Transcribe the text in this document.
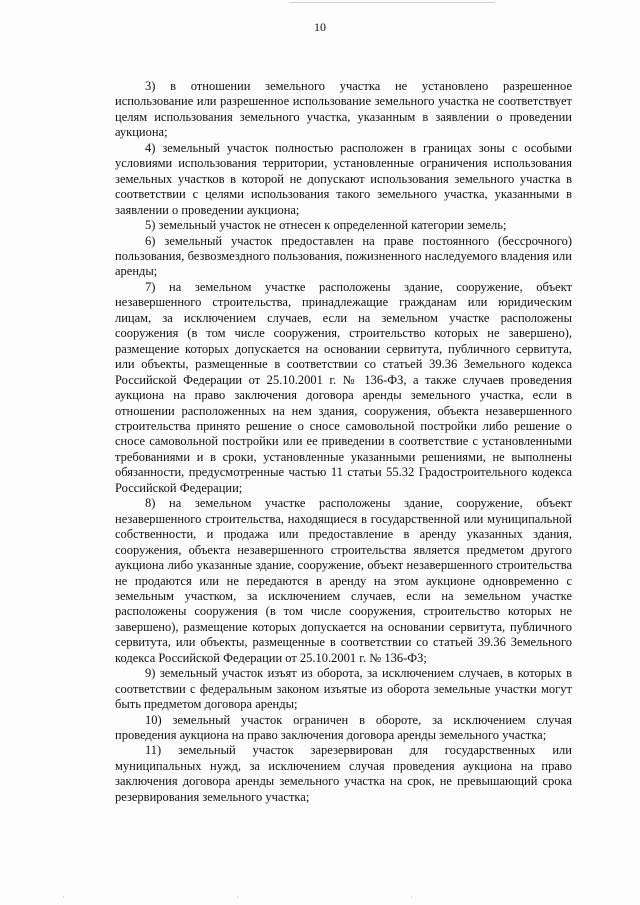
10

3) в отношении земельного участка не установлено разрешенное использование или разрешенное использование земельного участка не соответствует целям использования земельного участка, указанным в заявлении о проведении аукциона;

4) земельный участок полностью расположен в границах зоны с особыми условиями использования территории, установленные ограничения использования земельных участков в которой не допускают использования земельного участка в соответствии с целями использования такого земельного участка, указанными в заявлении о проведении аукциона;

5) земельный участок не отнесен к определенной категории земель;

6) земельный участок предоставлен на праве постоянного (бессрочного) пользования, безвозмездного пользования, пожизненного наследуемого владения или аренды;

7) на земельном участке расположены здание, сооружение, объект незавершенного строительства, принадлежащие гражданам или юридическим лицам, за исключением случаев, если на земельном участке расположены сооружения (в том числе сооружения, строительство которых не завершено), размещение которых допускается на основании сервитута, публичного сервитута, или объекты, размещенные в соответствии со статьей 39.36 Земельного кодекса Российской Федерации от 25.10.2001 г. № 136-ФЗ, а также случаев проведения аукциона на право заключения договора аренды земельного участка, если в отношении расположенных на нем здания, сооружения, объекта незавершенного строительства принято решение о сносе самовольной постройки либо решение о сносе самовольной постройки или ее приведении в соответствие с установленными требованиями и в сроки, установленные указанными решениями, не выполнены обязанности, предусмотренные частью 11 статьи 55.32 Градостроительного кодекса Российской Федерации;

8) на земельном участке расположены здание, сооружение, объект незавершенного строительства, находящиеся в государственной или муниципальной собственности, и продажа или предоставление в аренду указанных здания, сооружения, объекта незавершенного строительства является предметом другого аукциона либо указанные здание, сооружение, объект незавершенного строительства не продаются или не передаются в аренду на этом аукционе одновременно с земельным участком, за исключением случаев, если на земельном участке расположены сооружения (в том числе сооружения, строительство которых не завершено), размещение которых допускается на основании сервитута, публичного сервитута, или объекты, размещенные в соответствии со статьей 39.36 Земельного кодекса Российской Федерации от 25.10.2001 г. № 136-ФЗ;

9) земельный участок изъят из оборота, за исключением случаев, в которых в соответствии с федеральным законом изъятые из оборота земельные участки могут быть предметом договора аренды;

10) земельный участок ограничен в обороте, за исключением случая проведения аукциона на право заключения договора аренды земельного участка;

11) земельный участок зарезервирован для государственных или муниципальных нужд, за исключением случая проведения аукциона на право заключения договора аренды земельного участка на срок, не превышающий срока резервирования земельного участка;

·	·	·
